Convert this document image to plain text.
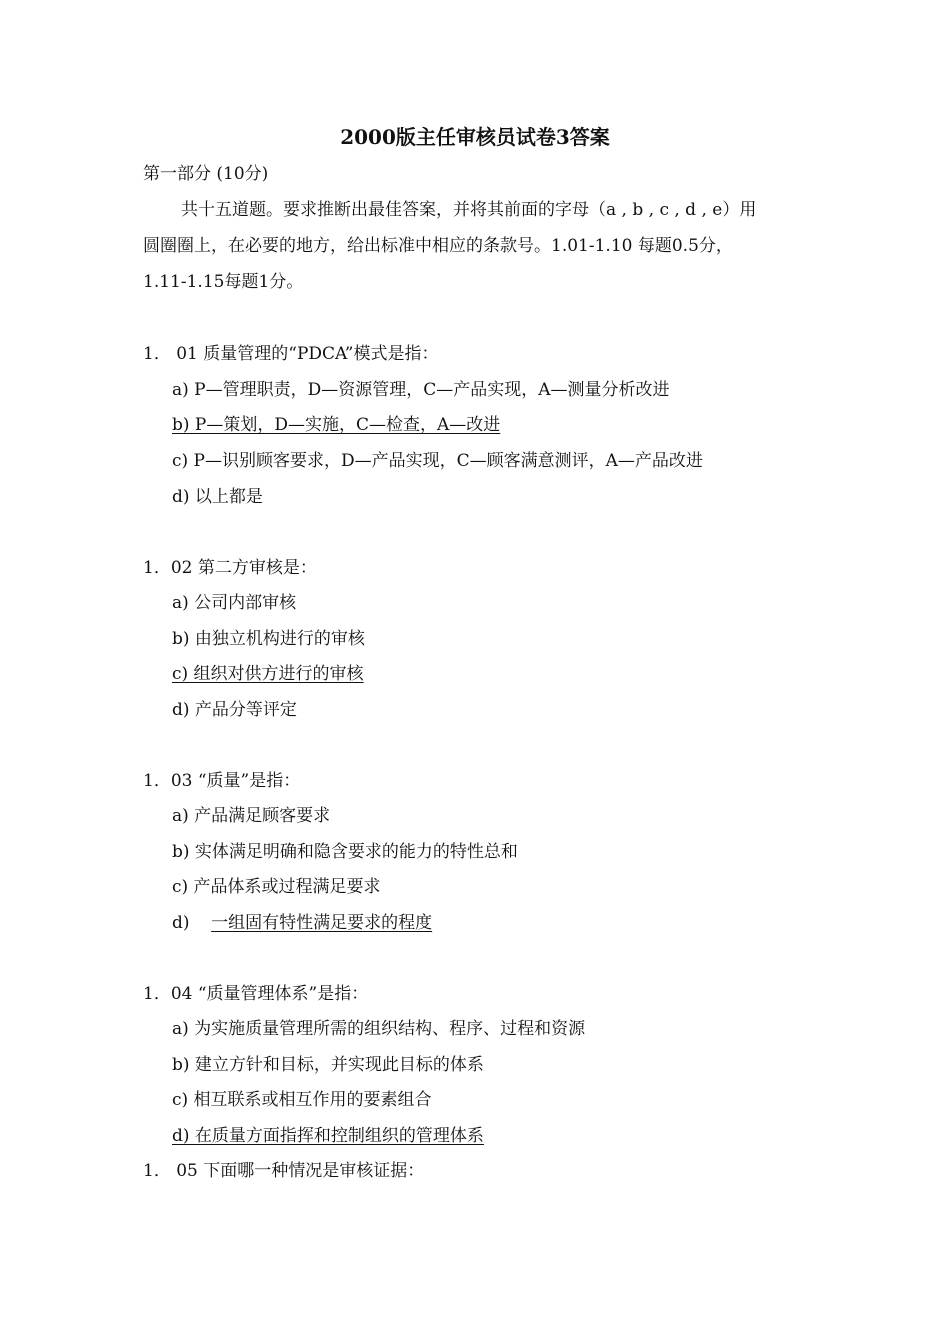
2000版主任审核员试卷3答案
第一部分 (10分)
共十五道题。要求推断出最佳答案，并将其前面的字母（a , b , c , d , e）用
圆圈圈上，在必要的地方，给出标准中相应的条款号。1.01-1.10 每题0.5分，
1.11-1.15每题1分。
1． 01 质量管理的“PDCA”模式是指：
a) P—管理职责，D—资源管理，C—产品实现，A—测量分析改进
b) P—策划，D—实施，C—检查，A—改进
c) P—识别顾客要求，D—产品实现，C—顾客满意测评，A—产品改进
d) 以上都是
1．02 第二方审核是：
a) 公司内部审核
b) 由独立机构进行的审核
c) 组织对供方进行的审核
d) 产品分等评定
1．03 “质量”是指：
a) 产品满足顾客要求
b) 实体满足明确和隐含要求的能力的特性总和
c) 产品体系或过程满足要求
d)    一组固有特性满足要求的程度
1．04 “质量管理体系”是指：
a) 为实施质量管理所需的组织结构、程序、过程和资源
b) 建立方针和目标，并实现此目标的体系
c) 相互联系或相互作用的要素组合
d) 在质量方面指挥和控制组织的管理体系
1． 05 下面哪一种情况是审核证据：
